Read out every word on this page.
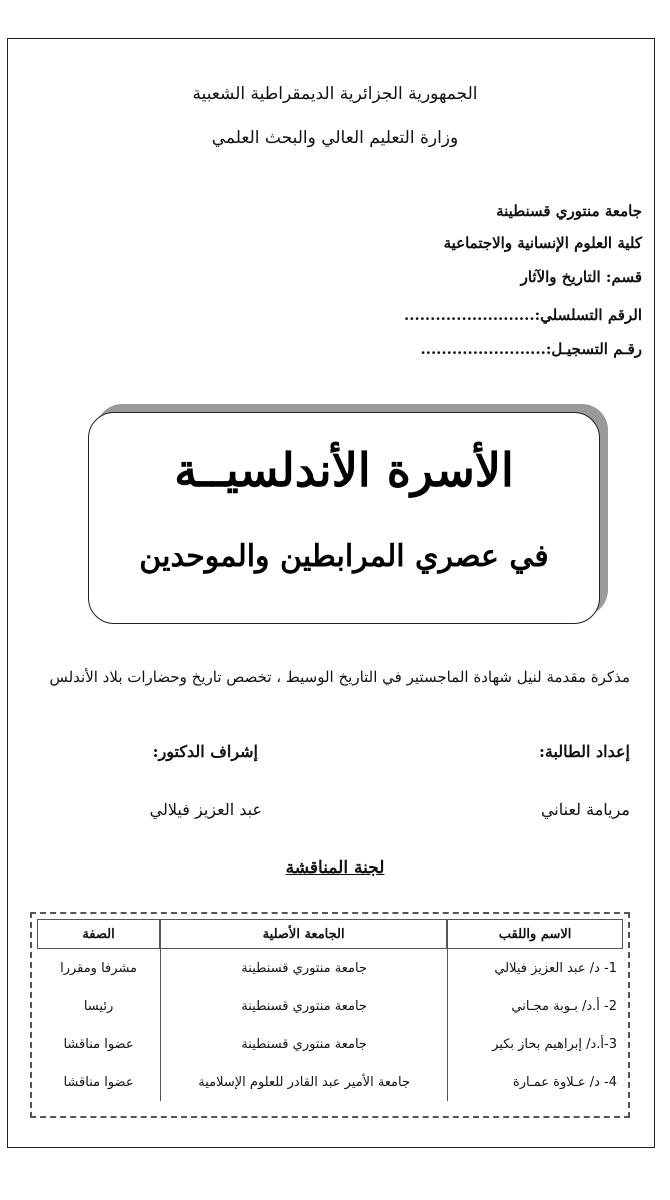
الجمهورية الجزائرية الديمقراطية الشعبية
وزارة التعليم العالي والبحث العلمي
جامعة منتوري قسنطينة
كلية العلوم الإنسانية والاجتماعية
قسم: التاريخ والآثار
الرقم التسلسلي:.........................
رقـم التسجيـل:........................
الأسرة الأندلسيــة
في عصري المرابطين والموحدين
مذكرة مقدمة لنيل شهادة الماجستير في التاريخ الوسيط ، تخصص تاريخ وحضارات بلاد الأندلس
إعداد الطالبة:
إشراف الدكتور:
مريامة لعناني
عبد العزيز فيلالي
لجنة المناقشة
الاسم واللقب	الجامعة الأصلية	الصفة
1- د/ عبد العزيز فيلالي	جامعة منتوري قسنطينة	مشرفا ومقررا
2- أ.د/ بـوبة مجـاني	جامعة منتوري قسنطينة	رئيسا
3-أ.د/ إبراهيم بحاز بكير	جامعة منتوري قسنطينة	عضوا مناقشا
4- د/ عـلاوة عمـارة	جامعة الأمير عبد القادر للعلوم الإسلامية	عضوا مناقشا
